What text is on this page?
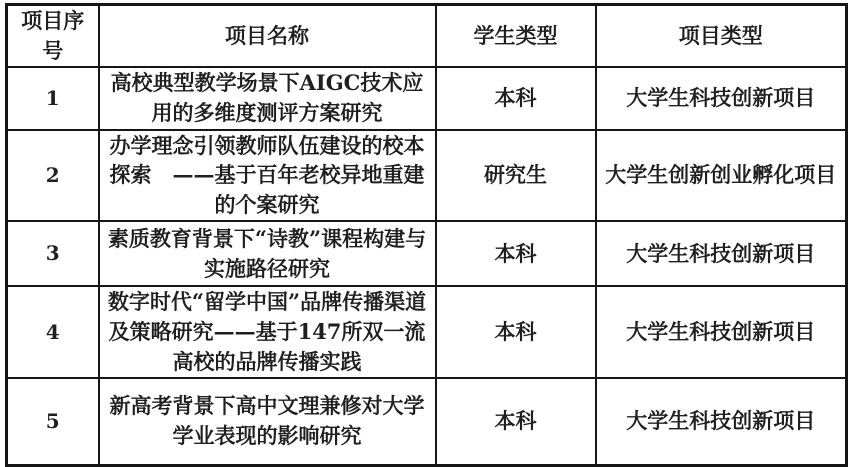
项目序号	项目名称	学生类型	项目类型
1	高校典型教学场景下AIGC技术应用的多维度测评方案研究	本科	大学生科技创新项目
2	办学理念引领教师队伍建设的校本探索　——基于百年老校异地重建的个案研究	研究生	大学生创新创业孵化项目
3	素质教育背景下“诗教”课程构建与实施路径研究	本科	大学生科技创新项目
4	数字时代“留学中国”品牌传播渠道及策略研究——基于147所双一流高校的品牌传播实践	本科	大学生科技创新项目
5	新高考背景下高中文理兼修对大学学业表现的影响研究	本科	大学生科技创新项目
